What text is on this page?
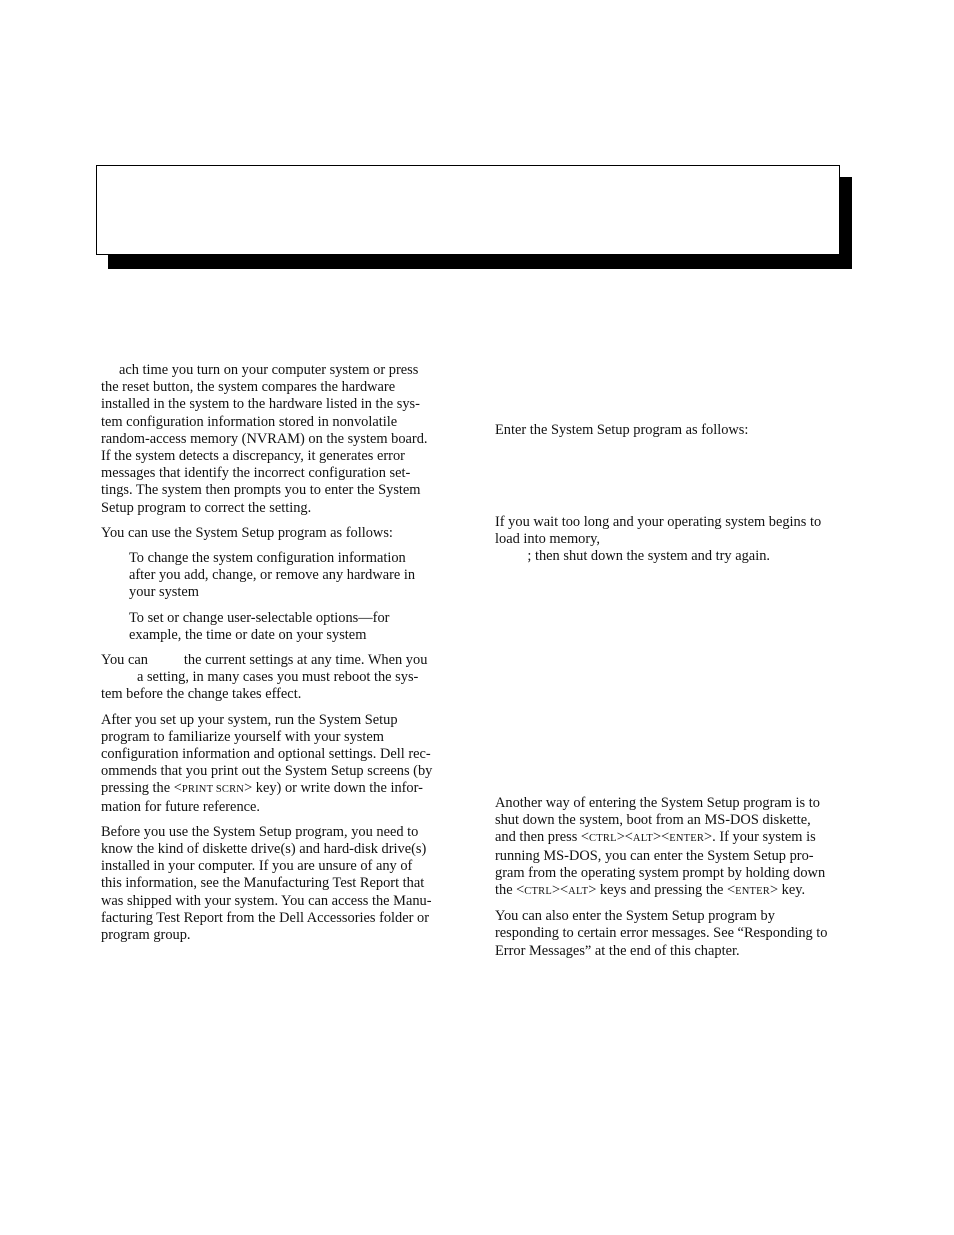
ach time you turn on your computer system or press
the reset button, the system compares the hardware
installed in the system to the hardware listed in the sys-
tem configuration information stored in nonvolatile
random-access memory (NVRAM) on the system board.
If the system detects a discrepancy, it generates error
messages that identify the incorrect configuration set-
tings. The system then prompts you to enter the System
Setup program to correct the setting.
You can use the System Setup program as follows:
To change the system configuration information
after you add, change, or remove any hardware in
your system
To set or change user-selectable options—for
example, the time or date on your system
You can          the current settings at any time. When you
a setting, in many cases you must reboot the sys-
tem before the change takes effect.
After you set up your system, run the System Setup
program to familiarize yourself with your system
configuration information and optional settings. Dell rec-
ommends that you print out the System Setup screens (by
pressing the <PRINT SCRN> key) or write down the infor-
mation for future reference.
Before you use the System Setup program, you need to
know the kind of diskette drive(s) and hard-disk drive(s)
installed in your computer. If you are unsure of any of
this information, see the Manufacturing Test Report that
was shipped with your system. You can access the Manu-
facturing Test Report from the Dell Accessories folder or
program group.
Enter the System Setup program as follows:
If you wait too long and your operating system begins to
load into memory,
; then shut down the system and try again.
Another way of entering the System Setup program is to
shut down the system, boot from an MS-DOS diskette,
and then press <CTRL><ALT><ENTER>. If your system is
running MS-DOS, you can enter the System Setup pro-
gram from the operating system prompt by holding down
the <CTRL><ALT> keys and pressing the <ENTER> key.
You can also enter the System Setup program by
responding to certain error messages. See “Responding to
Error Messages” at the end of this chapter.
